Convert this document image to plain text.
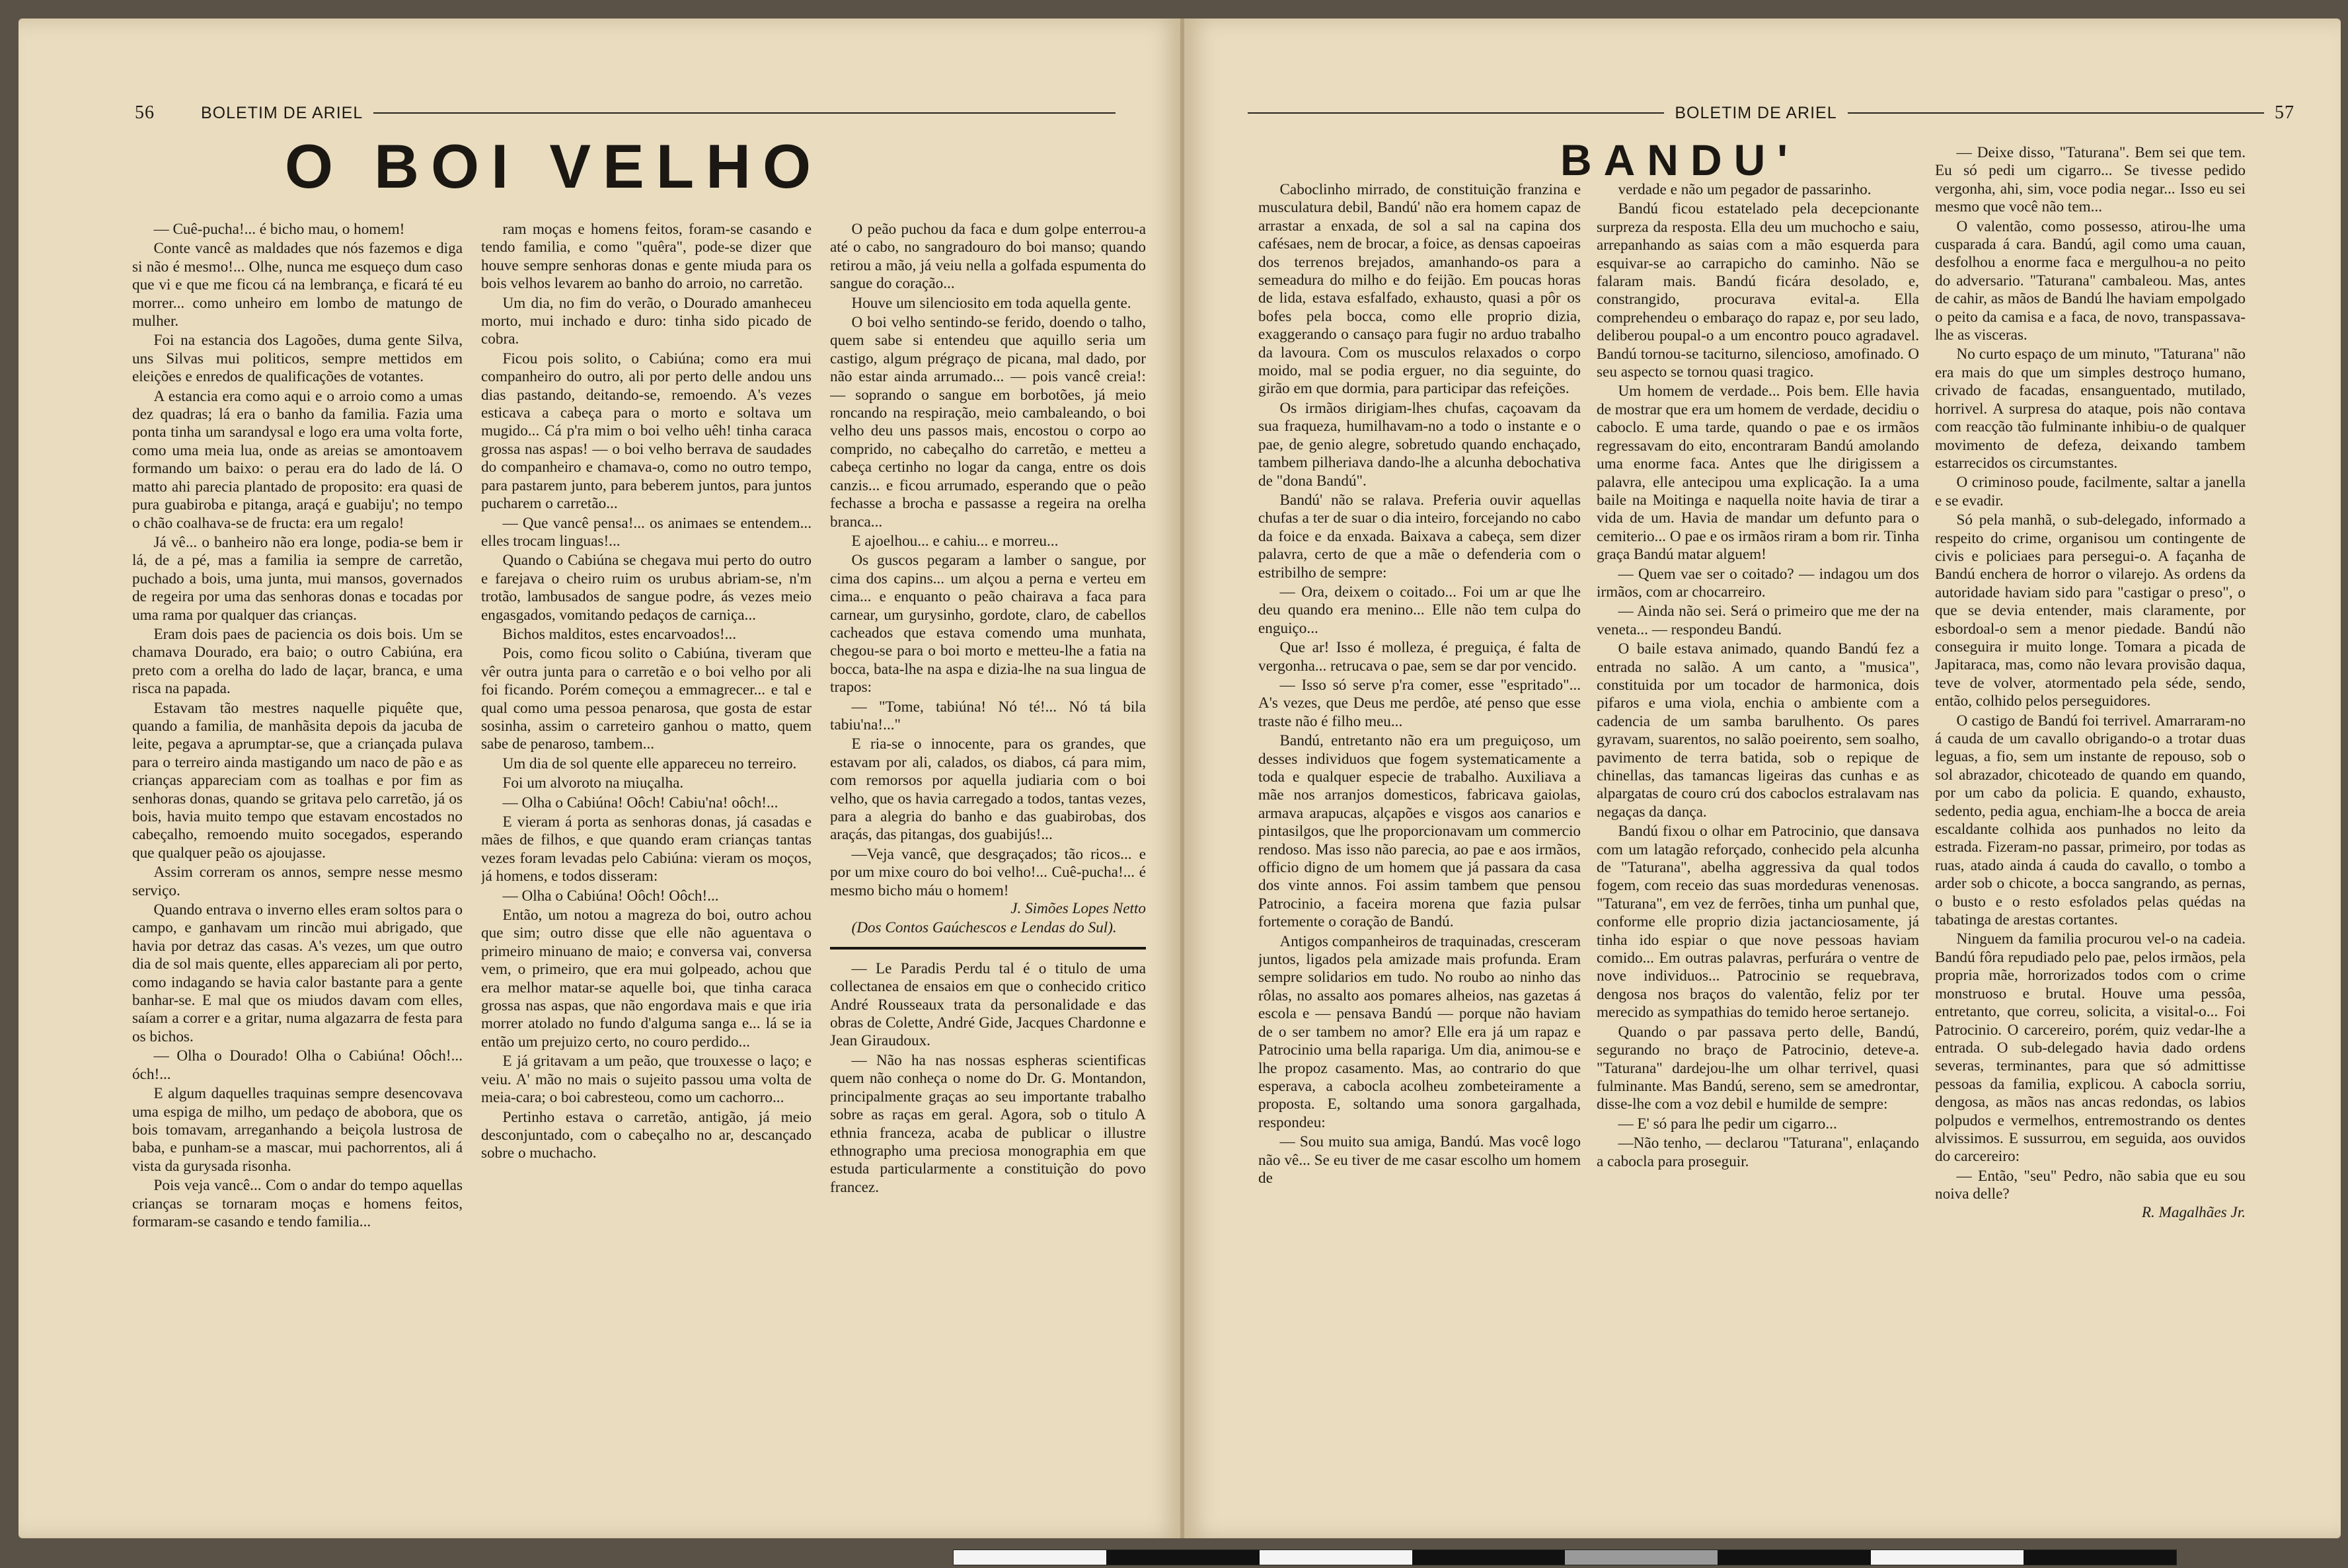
56	BOLETIM DE ARIEL
O BOI VELHO

— Cuê-pucha!... é bicho mau, o homem!

Conte vancê as maldades que nós fazemos e diga si não é mesmo!... Olhe, nunca me esqueço dum caso que vi e que me ficou cá na lembrança, e ficará té eu morrer... como unheiro em lombo de matungo de mulher.

Foi na estancia dos Lagoões, duma gente Silva, uns Silvas mui politicos, sempre mettidos em eleições e enredos de qualificações de votantes.

A estancia era como aqui e o arroio como a umas dez quadras; lá era o banho da familia. Fazia uma ponta tinha um sarandysal e logo era uma volta forte, como uma meia lua, onde as areias se amontoavem formando um baixo: o perau era do lado de lá. O matto ahi parecia plantado de proposito: era quasi de pura guabiroba e pitanga, araçá e guabiju'; no tempo o chão coalhava-se de fructa: era um regalo!

Já vê... o banheiro não era longe, podia-se bem ir lá, de a pé, mas a familia ia sempre de carretão, puchado a bois, uma junta, mui mansos, governados de regeira por uma das senhoras donas e tocadas por uma rama por qualquer das crianças.

Eram dois paes de paciencia os dois bois. Um se chamava Dourado, era baio; o outro Cabiúna, era preto com a orelha do lado de laçar, branca, e uma risca na papada.

Estavam tão mestres naquelle piquête que, quando a familia, de manhãsita depois da jacuba de leite, pegava a aprumptar-se, que a criançada pulava para o terreiro ainda mastigando um naco de pão e as crianças appareciam com as toalhas e por fim as senhoras donas, quando se gritava pelo carretão, já os bois, havia muito tempo que estavam encostados no cabeçalho, remoendo muito socegados, esperando que qualquer peão os ajoujasse.

Assim correram os annos, sempre nesse mesmo serviço.

Quando entrava o inverno elles eram soltos para o campo, e ganhavam um rincão mui abrigado, que havia por detraz das casas. A's vezes, um que outro dia de sol mais quente, elles appareciam ali por perto, como indagando se havia calor bastante para a gente banhar-se. E mal que os miudos davam com elles, saíam a correr e a gritar, numa algazarra de festa para os bichos.

— Olha o Dourado! Olha o Cabiúna! Oôch!... óch!...

E algum daquelles traquinas sempre desencovava uma espiga de milho, um pedaço de abobora, que os bois tomavam, arreganhando a beiçola lustrosa de baba, e punham-se a mascar, mui pachorrentos, ali á vista da gurysada risonha.

Pois veja vancê... Com o andar do tempo aquellas crianças se tornaram moças e homens feitos, formaram-se casando e tendo familia...

ram moças e homens feitos, foram-se casando e tendo familia, e como "quêra", pode-se dizer que houve sempre senhoras donas e gente miuda para os bois velhos levarem ao banho do arroio, no carretão.

Um dia, no fim do verão, o Dourado amanheceu morto, mui inchado e duro: tinha sido picado de cobra.

Ficou pois solito, o Cabiúna; como era mui companheiro do outro, ali por perto delle andou uns dias pastando, deitando-se, remoendo. A's vezes esticava a cabeça para o morto e soltava um mugido... Cá p'ra mim o boi velho uêh! tinha caraca grossa nas aspas! — o boi velho berrava de saudades do companheiro e chamava-o, como no outro tempo, para pastarem junto, para beberem juntos, para juntos pucharem o carretão...

— Que vancê pensa!... os animaes se entendem... elles trocam linguas!...

Quando o Cabiúna se chegava mui perto do outro e farejava o cheiro ruim os urubus abriam-se, n'm trotão, lambusados de sangue podre, ás vezes meio engasgados, vomitando pedaços de carniça...

Bichos malditos, estes encarvoados!...

Pois, como ficou solito o Cabiúna, tiveram que vêr outra junta para o carretão e o boi velho por ali foi ficando. Porém começou a emmagrecer... e tal e qual como uma pessoa penarosa, que gosta de estar sosinha, assim o carreteiro ganhou o matto, quem sabe de penaroso, tambem...

Um dia de sol quente elle appareceu no terreiro.

Foi um alvoroto na miuçalha.

— Olha o Cabiúna! Oôch! Cabiu'na! oôch!...

E vieram á porta as senhoras donas, já casadas e mães de filhos, e que quando eram crianças tantas vezes foram levadas pelo Cabiúna: vieram os moços, já homens, e todos disseram:

— Olha o Cabiúna! Oôch! Oôch!...

Então, um notou a magreza do boi, outro achou que sim; outro disse que elle não aguentava o primeiro minuano de maio; e conversa vai, conversa vem, o primeiro, que era mui golpeado, achou que era melhor matar-se aquelle boi, que tinha caraca grossa nas aspas, que não engordava mais e que iria morrer atolado no fundo d'alguma sanga e... lá se ia então um prejuizo certo, no couro perdido...

E já gritavam a um peão, que trouxesse o laço; e veiu. A' mão no mais o sujeito passou uma volta de meia-cara; o boi cabresteou, como um cachorro...

Pertinho estava o carretão, antigão, já meio desconjuntado, com o cabeçalho no ar, descançado sobre o muchacho.

O peão puchou da faca e dum golpe enterrou-a até o cabo, no sangradouro do boi manso; quando retirou a mão, já veiu nella a golfada espumenta do sangue do coração...

Houve um silenciosito em toda aquella gente.

O boi velho sentindo-se ferido, doendo o talho, quem sabe si entendeu que aquillo seria um castigo, algum prégraço de picana, mal dado, por não estar ainda arrumado... — pois vancê creia!: — soprando o sangue em borbotões, já meio roncando na respiração, meio cambaleando, o boi velho deu uns passos mais, encostou o corpo ao comprido, no cabeçalho do carretão, e metteu a cabeça certinho no logar da canga, entre os dois canzis... e ficou arrumado, esperando que o peão fechasse a brocha e passasse a regeira na orelha branca...

E ajoelhou... e cahiu... e morreu...

Os guscos pegaram a lamber o sangue, por cima dos capins... um alçou a perna e verteu em cima... e enquanto o peão chairava a faca para carnear, um gurysinho, gordote, claro, de cabellos cacheados que estava comendo uma munhata, chegou-se para o boi morto e metteu-lhe a fatia na bocca, bata-lhe na aspa e dizia-lhe na sua lingua de trapos:

— "Tome, tabiúna! Nó té!... Nó tá bila tabiu'na!..."

E ria-se o innocente, para os grandes, que estavam por ali, calados, os diabos, cá para mim, com remorsos por aquella judiaria com o boi velho, que os havia carregado a todos, tantas vezes, para a alegria do banho e das guabirobas, dos araçás, das pitangas, dos guabijús!...

—Veja vancê, que desgraçados; tão ricos... e por um mixe couro do boi velho!... Cuê-pucha!... é mesmo bicho máu o homem!

J. Simões Lopes Netto

(Dos Contos Gaúchescos e Lendas do Sul).

— Le Paradis Perdu tal é o titulo de uma collectanea de ensaios em que o conhecido critico André Rousseaux trata da personalidade e das obras de Colette, André Gide, Jacques Chardonne e Jean Giraudoux.

— Não ha nas nossas espheras scientificas quem não conheça o nome do Dr. G. Montandon, principalmente graças ao seu importante trabalho sobre as raças em geral. Agora, sob o titulo A ethnia franceza, acaba de publicar o illustre ethnographo uma preciosa monographia em que estuda particularmente a constituição do povo francez.

BOLETIM DE ARIEL	57
BANDU'

Caboclinho mirrado, de constituição franzina e musculatura debil, Bandú' não era homem capaz de arrastar a enxada, de sol a sal na capina dos cafésaes, nem de brocar, a foice, as densas capoeiras dos terrenos brejados, amanhando-os para a semeadura do milho e do feijão. Em poucas horas de lida, estava esfalfado, exhausto, quasi a pôr os bofes pela bocca, como elle proprio dizia, exaggerando o cansaço para fugir no arduo trabalho da lavoura. Com os musculos relaxados o corpo moido, mal se podia erguer, no dia seguinte, do girão em que dormia, para participar das refeições.

Os irmãos dirigiam-lhes chufas, caçoavam da sua fraqueza, humilhavam-no a todo o instante e o pae, de genio alegre, sobretudo quando enchaçado, tambem pilheriava dando-lhe a alcunha debochativa de "dona Bandú".

Bandú' não se ralava. Preferia ouvir aquellas chufas a ter de suar o dia inteiro, forcejando no cabo da foice e da enxada. Baixava a cabeça, sem dizer palavra, certo de que a mãe o defenderia com o estribilho de sempre:

— Ora, deixem o coitado... Foi um ar que lhe deu quando era menino... Elle não tem culpa do enguiço...

Que ar! Isso é molleza, é preguiça, é falta de vergonha... retrucava o pae, sem se dar por vencido.

— Isso só serve p'ra comer, esse "espritado"... A's vezes, que Deus me perdôe, até penso que esse traste não é filho meu...

Bandú, entretanto não era um preguiçoso, um desses individuos que fogem systematicamente a toda e qualquer especie de trabalho. Auxiliava a mãe nos arranjos domesticos, fabricava gaiolas, armava arapucas, alçapões e visgos aos canarios e pintasilgos, que lhe proporcionavam um commercio rendoso. Mas isso não parecia, ao pae e aos irmãos, officio digno de um homem que já passara da casa dos vinte annos. Foi assim tambem que pensou Patrocinio, a faceira morena que fazia pulsar fortemente o coração de Bandú.

Antigos companheiros de traquinadas, cresceram juntos, ligados pela amizade mais profunda. Eram sempre solidarios em tudo. No roubo ao ninho das rôlas, no assalto aos pomares alheios, nas gazetas á escola e — pensava Bandú — porque não haviam de o ser tambem no amor? Elle era já um rapaz e Patrocinio uma bella rapariga. Um dia, animou-se e lhe propoz casamento. Mas, ao contrario do que esperava, a cabocla acolheu zombeteiramente a proposta. E, soltando uma sonora gargalhada, respondeu:

— Sou muito sua amiga, Bandú. Mas você logo não vê... Se eu tiver de me casar escolho um homem de

verdade e não um pegador de passarinho.

Bandú ficou estatelado pela decepcionante surpreza da resposta. Ella deu um muchocho e saiu, arrepanhando as saias com a mão esquerda para esquivar-se ao carrapicho do caminho. Não se falaram mais. Bandú ficára desolado, e, constrangido, procurava evital-a. Ella comprehendeu o embaraço do rapaz e, por seu lado, deliberou poupal-o a um encontro pouco agradavel. Bandú tornou-se taciturno, silencioso, amofinado. O seu aspecto se tornou quasi tragico.

Um homem de verdade... Pois bem. Elle havia de mostrar que era um homem de verdade, decidiu o caboclo. E uma tarde, quando o pae e os irmãos regressavam do eito, encontraram Bandú amolando uma enorme faca. Antes que lhe dirigissem a palavra, elle antecipou uma explicação. Ia a uma baile na Moitinga e naquella noite havia de tirar a vida de um. Havia de mandar um defunto para o cemiterio... O pae e os irmãos riram a bom rir. Tinha graça Bandú matar alguem!

— Quem vae ser o coitado? — indagou um dos irmãos, com ar chocarreiro.

— Ainda não sei. Será o primeiro que me der na veneta... — respondeu Bandú.

O baile estava animado, quando Bandú fez a entrada no salão. A um canto, a "musica", constituida por um tocador de harmonica, dois pifaros e uma viola, enchia o ambiente com a cadencia de um samba barulhento. Os pares gyravam, suarentos, no salão poeirento, sem soalho, pavimento de terra batida, sob o repique de chinellas, das tamancas ligeiras das cunhas e as alpargatas de couro crú dos caboclos estralavam nas negaças da dança.

Bandú fixou o olhar em Patrocinio, que dansava com um latagão reforçado, conhecido pela alcunha de "Taturana", abelha aggressiva da qual todos fogem, com receio das suas mordeduras venenosas. "Taturana", em vez de ferrões, tinha um punhal que, conforme elle proprio dizia jactanciosamente, já tinha ido espiar o que nove pessoas haviam comido... Em outras palavras, perfurára o ventre de nove individuos... Patrocinio se requebrava, dengosa nos braços do valentão, feliz por ter merecido as sympathias do temido heroe sertanejo.

Quando o par passava perto delle, Bandú, segurando no braço de Patrocinio, deteve-a. "Taturana" dardejou-lhe um olhar terrivel, quasi fulminante. Mas Bandú, sereno, sem se amedrontar, disse-lhe com a voz debil e humilde de sempre:

— E' só para lhe pedir um cigarro...

—Não tenho, — declarou "Taturana", enlaçando a cabocla para proseguir.

— Deixe disso, "Taturana". Bem sei que tem. Eu só pedi um cigarro... Se tivesse pedido vergonha, ahi, sim, voce podia negar... Isso eu sei mesmo que você não tem...

O valentão, como possesso, atirou-lhe uma cusparada á cara. Bandú, agil como uma cauan, desfolhou a enorme faca e mergulhou-a no peito do adversario. "Taturana" cambaleou. Mas, antes de cahir, as mãos de Bandú lhe haviam empolgado o peito da camisa e a faca, de novo, transpassava-lhe as visceras.

No curto espaço de um minuto, "Taturana" não era mais do que um simples destroço humano, crivado de facadas, ensanguentado, mutilado, horrivel. A surpresa do ataque, pois não contava com reacção tão fulminante inhibiu-o de qualquer movimento de defeza, deixando tambem estarrecidos os circumstantes.

O criminoso poude, facilmente, saltar a janella e se evadir.

Só pela manhã, o sub-delegado, informado a respeito do crime, organisou um contingente de civis e policiaes para persegui-o. A façanha de Bandú enchera de horror o vilarejo. As ordens da autoridade haviam sido para "castigar o preso", o que se devia entender, mais claramente, por esbordoal-o sem a menor piedade. Bandú não conseguira ir muito longe. Tomara a picada de Japitaraca, mas, como não levara provisão daqua, teve de volver, atormentado pela séde, sendo, então, colhido pelos perseguidores.

O castigo de Bandú foi terrivel. Amarraram-no á cauda de um cavallo obrigando-o a trotar duas leguas, a fio, sem um instante de repouso, sob o sol abrazador, chicoteado de quando em quando, por um cabo da policia. E quando, exhausto, sedento, pedia agua, enchiam-lhe a bocca de areia escaldante colhida aos punhados no leito da estrada. Fizeram-no passar, primeiro, por todas as ruas, atado ainda á cauda do cavallo, o tombo a arder sob o chicote, a bocca sangrando, as pernas, o busto e o resto esfolados pelas quédas na tabatinga de arestas cortantes.

Ninguem da familia procurou vel-o na cadeia. Bandú fôra repudiado pelo pae, pelos irmãos, pela propria mãe, horrorizados todos com o crime monstruoso e brutal. Houve uma pessôa, entretanto, que correu, solicita, a visital-o... Foi Patrocinio. O carcereiro, porém, quiz vedar-lhe a entrada. O sub-delegado havia dado ordens severas, terminantes, para que só admittisse pessoas da familia, explicou. A cabocla sorriu, dengosa, as mãos nas ancas redondas, os labios polpudos e vermelhos, entremostrando os dentes alvissimos. E sussurrou, em seguida, aos ouvidos do carcereiro:

— Então, "seu" Pedro, não sabia que eu sou noiva delle?

R. Magalhães Jr.
